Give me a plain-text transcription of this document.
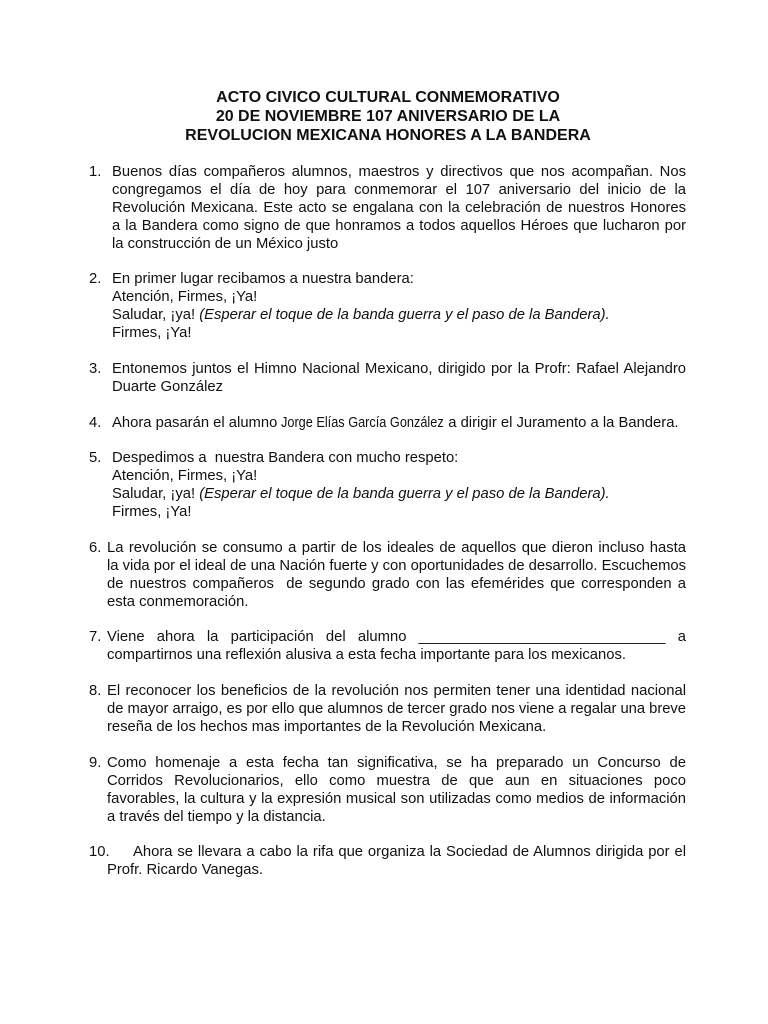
ACTO CIVICO CULTURAL CONMEMORATIVO
20 DE NOVIEMBRE 107 ANIVERSARIO DE LA
REVOLUCION MEXICANA HONORES A LA BANDERA
1. Buenos días compañeros alumnos, maestros y directivos que nos acompañan. Nos
congregamos el día de hoy para conmemorar el 107 aniversario del inicio de la
Revolución Mexicana. Este acto se engalana con la celebración de nuestros Honores
a la Bandera como signo de que honramos a todos aquellos Héroes que lucharon por
la construcción de un México justo
2. En primer lugar recibamos a nuestra bandera:
Atención, Firmes, ¡Ya!
Saludar, ¡ya! (Esperar el toque de la banda guerra y el paso de la Bandera).
Firmes, ¡Ya!
3. Entonemos juntos el Himno Nacional Mexicano, dirigido por la Profr: Rafael Alejandro
Duarte González
4. Ahora pasarán el alumno Jorge Elías García González a dirigir el Juramento a la Bandera.
5. Despedimos a  nuestra Bandera con mucho respeto:
Atención, Firmes, ¡Ya!
Saludar, ¡ya! (Esperar el toque de la banda guerra y el paso de la Bandera).
Firmes, ¡Ya!
6. La revolución se consumo a partir de los ideales de aquellos que dieron incluso hasta
la vida por el ideal de una Nación fuerte y con oportunidades de desarrollo. Escuchemos
de nuestros compañeros  de segundo grado con las efemérides que corresponden a
esta conmemoración.
7. Viene ahora la participación del alumno ______________________________ a
compartirnos una reflexión alusiva a esta fecha importante para los mexicanos.
8. El reconocer los beneficios de la revolución nos permiten tener una identidad nacional
de mayor arraigo, es por ello que alumnos de tercer grado nos viene a regalar una breve
reseña de los hechos mas importantes de la Revolución Mexicana.
9. Como homenaje a esta fecha tan significativa, se ha preparado un Concurso de
Corridos Revolucionarios, ello como muestra de que aun en situaciones poco
favorables, la cultura y la expresión musical son utilizadas como medios de información
a través del tiempo y la distancia.
10.	Ahora se llevara a cabo la rifa que organiza la Sociedad de Alumnos dirigida por el
Profr. Ricardo Vanegas.
